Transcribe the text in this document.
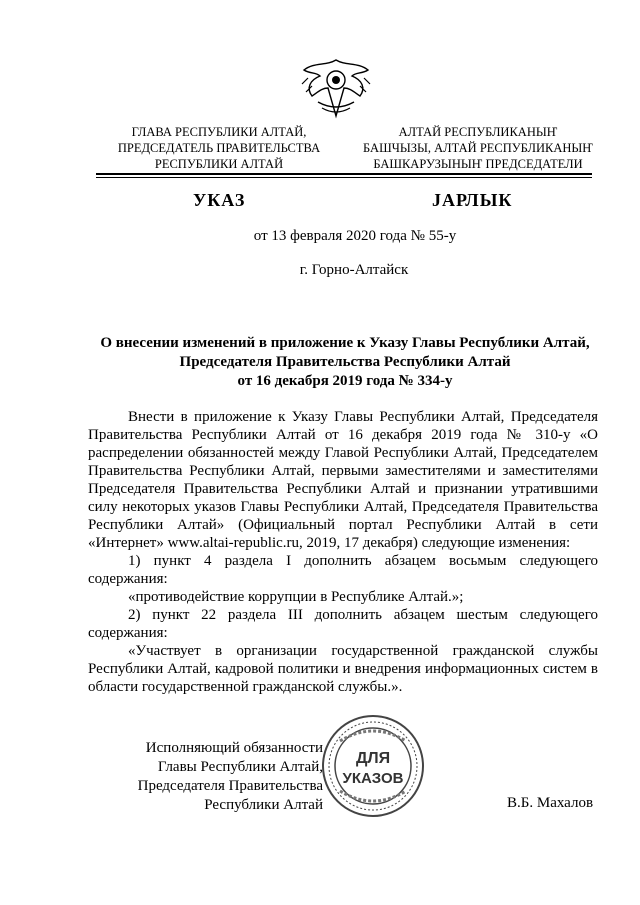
ГЛАВА РЕСПУБЛИКИ АЛТАЙ,
ПРЕДСЕДАТЕЛЬ ПРАВИТЕЛЬСТВА
РЕСПУБЛИКИ АЛТАЙ
АЛТАЙ РЕСПУБЛИКАНЫҤ
БАШЧЫЗЫ, АЛТАЙ РЕСПУБЛИКАНЫҤ
БАШКАРУЗЫНЫҤ ПРЕДСЕДАТЕЛИ
УКАЗ	JАРЛЫК
от 13 февраля 2020 года № 55-у
г. Горно-Алтайск
О внесении изменений в приложение к Указу Главы Республики Алтай,
Председателя Правительства Республики Алтай
от 16 декабря 2019 года № 334-у

Внести в приложение к Указу Главы Республики Алтай, Председателя Правительства Республики Алтай от 16 декабря 2019 года № 310-у «О распределении обязанностей между Главой Республики Алтай, Председателем Правительства Республики Алтай, первыми заместителями и заместителями Председателя Правительства Республики Алтай и признании утратившими силу некоторых указов Главы Республики Алтай, Председателя Правительства Республики Алтай» (Официальный портал Республики Алтай в сети «Интернет» www.altai-republic.ru, 2019, 17 декабря) следующие изменения:

1) пункт 4 раздела I дополнить абзацем восьмым следующего содержания:

«противодействие коррупции в Республике Алтай.»;

2) пункт 22 раздела III дополнить абзацем шестым следующего содержания:

«Участвует в организации государственной гражданской службы Республики Алтай, кадровой политики и внедрения информационных систем в области государственной гражданской службы.».

Исполняющий обязанности
Главы Республики Алтай,
Председателя Правительства
Республики Алтай
ДЛЯ
УКАЗОВ
В.Б. Махалов
